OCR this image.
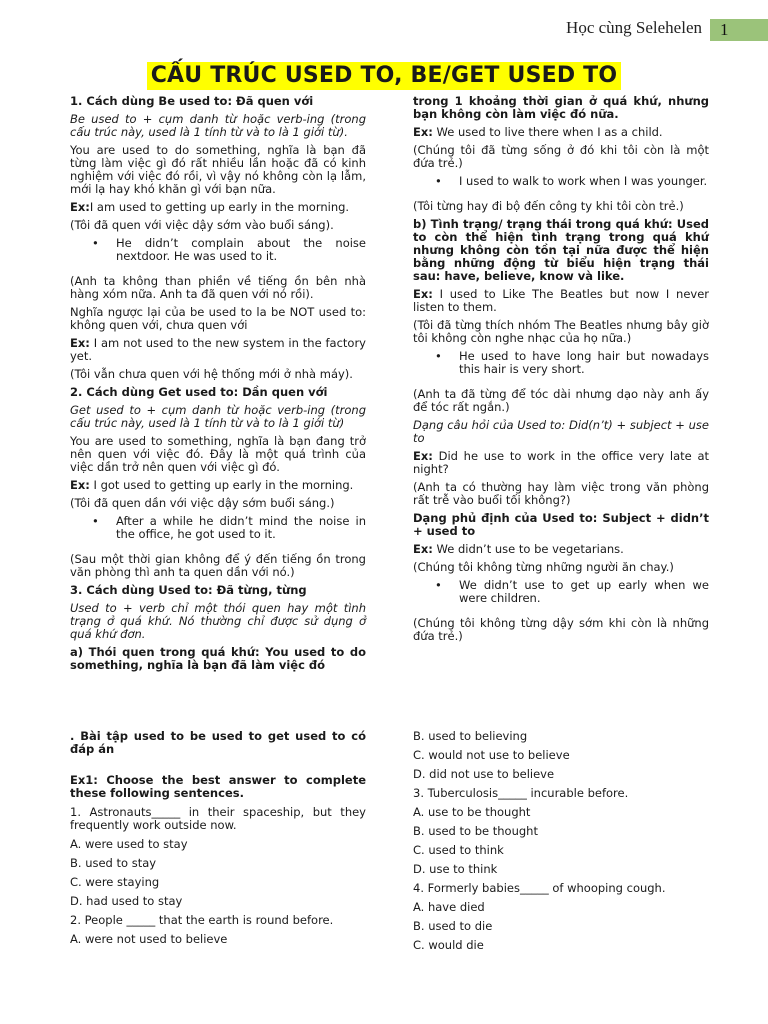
Học cùng Selehelen	1
CẤU TRÚC USED TO, BE/GET USED TO

1. Cách dùng Be used to: Đã quen với

Be used to + cụm danh từ hoặc verb-ing (trong cấu trúc này, used là 1 tính từ và to là 1 giới từ).

You are used to do something, nghĩa là bạn đã từng làm việc gì đó rất nhiều lần hoặc đã có kinh nghiệm với việc đó rồi, vì vậy nó không còn lạ lẫm, mới lạ hay khó khăn gì với bạn nữa.

Ex:I am used to getting up early in the morning.

(Tôi đã quen với việc dậy sớm vào buổi sáng).

• He didn’t complain about the noise nextdoor. He was used to it.

(Anh ta không than phiền về tiếng ồn bên nhà hàng xóm nữa. Anh ta đã quen với nó rồi).

Nghĩa ngược lại của be used to la be NOT used to: không quen với, chưa quen với

Ex: I am not used to the new system in the factory yet.

(Tôi vẫn chưa quen với hệ thống mới ở nhà máy).

2. Cách dùng Get used to: Dần quen với

Get used to + cụm danh từ hoặc verb-ing (trong cấu trúc này, used là 1 tính từ và to là 1 giới từ)

You are used to something, nghĩa là bạn đang trở nên quen với việc đó. Đây là một quá trình của việc dần trở nên quen với việc gì đó.

Ex: I got used to getting up early in the morning.

(Tôi đã quen dần với việc dậy sớm buổi sáng.)

• After a while he didn’t mind the noise in the office, he got used to it.

(Sau một thời gian không để ý đến tiếng ồn trong văn phòng thì anh ta quen dần với nó.)

3. Cách dùng Used to: Đã từng, từng

Used to + verb chỉ một thói quen hay một tình trạng ở quá khứ. Nó thường chỉ được sử dụng ở quá khứ đơn.

a) Thói quen trong quá khứ: You used to do something, nghĩa là bạn đã làm việc đó

trong 1 khoảng thời gian ở quá khứ, nhưng bạn không còn làm việc đó nữa.

Ex: We used to live there when I as a child.

(Chúng tôi đã từng sống ở đó khi tôi còn là một đứa trẻ.)

• I used to walk to work when I was younger.

(Tôi từng hay đi bộ đến công ty khi tôi còn trẻ.)

b) Tình trạng/ trạng thái trong quá khứ: Used to còn thể hiện tình trạng trong quá khứ nhưng không còn tồn tại nữa được thể hiện bằng những động từ biểu hiện trạng thái sau: have, believe, know và like.

Ex: I used to Like The Beatles but now I never listen to them.

(Tôi đã từng thích nhóm The Beatles nhưng bây giờ tôi không còn nghe nhạc của họ nữa.)

• He used to have long hair but nowadays this hair is very short.

(Anh ta đã từng để tóc dài nhưng dạo này anh ấy để tóc rất ngắn.)

Dạng câu hỏi của Used to: Did(n’t) + subject + use to

Ex: Did he use to work in the office very late at night?

(Anh ta có thường hay làm việc trong văn phòng rất trễ vào buổi tối không?)

Dạng phủ định của Used to: Subject + didn’t + used to

Ex: We didn’t use to be vegetarians.

(Chúng tôi không từng những người ăn chay.)

• We didn’t use to get up early when we were children.

(Chúng tôi không từng dậy sớm khi còn là những đứa trẻ.)

. Bài tập used to be used to get used to có đáp án
Ex1: Choose the best answer to complete these following sentences.
1. Astronauts_____ in their spaceship, but they frequently work outside now.
A. were used to stay
B. used to stay
C. were staying
D. had used to stay
2. People _____ that the earth is round before.
A. were not used to believe
B. used to believing
C. would not use to believe
D. did not use to believe
3. Tuberculosis_____ incurable before.
A. use to be thought
B. used to be thought
C. used to think
D. use to think
4. Formerly babies_____ of whooping cough.
A. have died
B. used to die
C. would die
